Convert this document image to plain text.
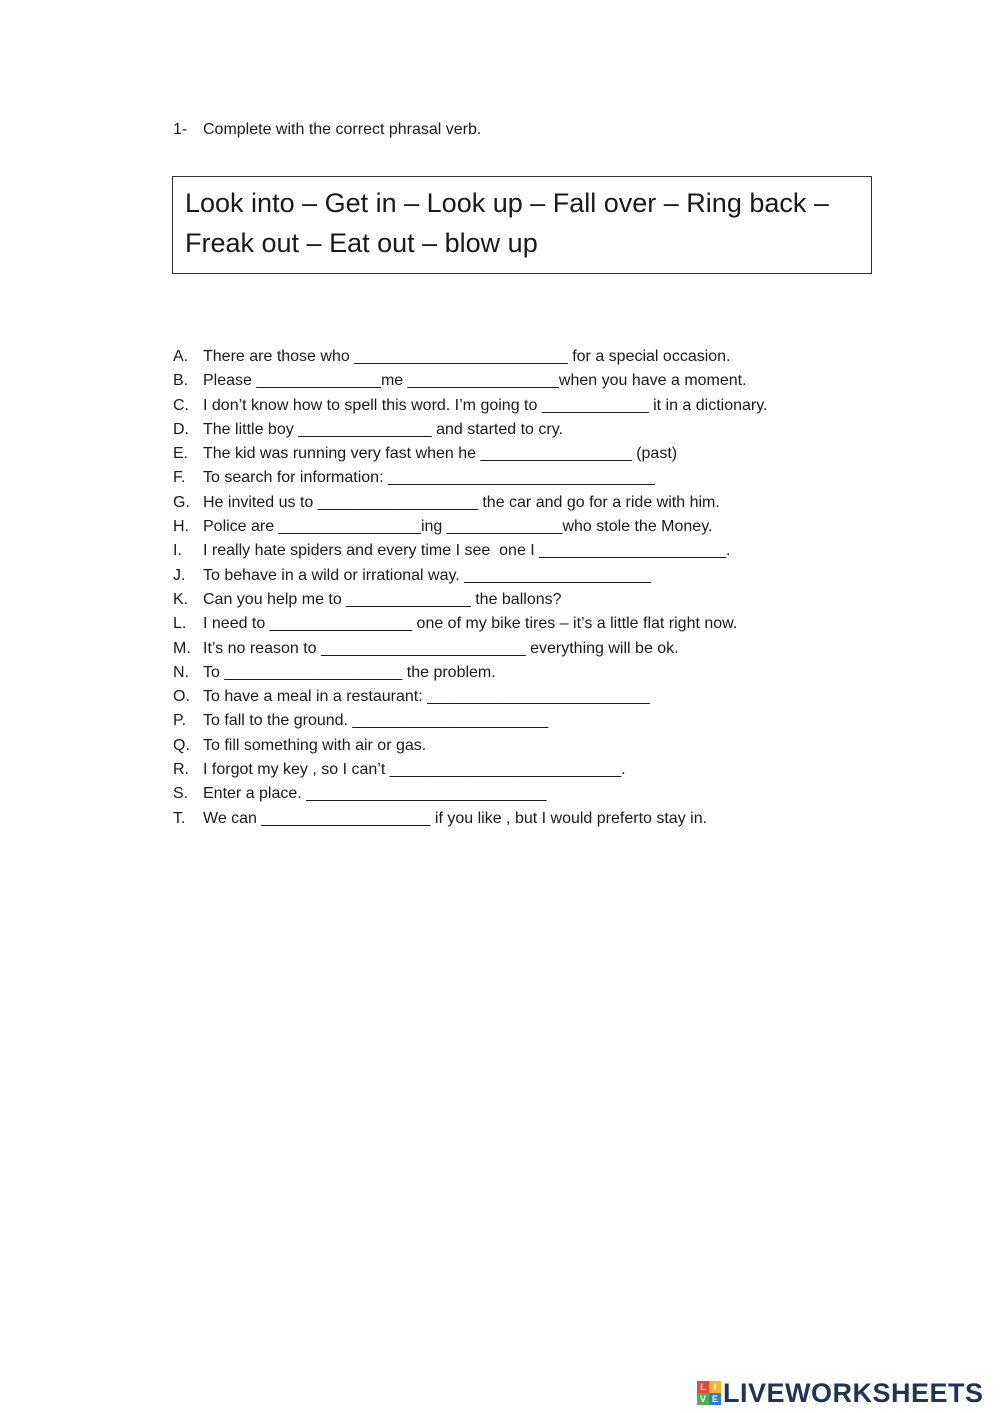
1- Complete with the correct phrasal verb.
Look into – Get in – Look up – Fall over – Ring back –
Freak out – Eat out – blow up
A. There are those who ________________________ for a special occasion.
B. Please ______________me _________________when you have a moment.
C. I don’t know how to spell this word. I’m going to ____________ it in a dictionary.
D. The little boy _______________ and started to cry.
E. The kid was running very fast when he _________________ (past)
F. To search for information: ______________________________
G. He invited us to __________________ the car and go for a ride with him.
H. Police are ________________ing _____________who stole the Money.
I. I really hate spiders and every time I see  one I _____________________.
J. To behave in a wild or irrational way. _____________________
K. Can you help me to ______________ the ballons?
L. I need to ________________ one of my bike tires – it’s a little flat right now.
M. It’s no reason to _______________________ everything will be ok.
N. To ____________________ the problem.
O. To have a meal in a restaurant: _________________________
P. To fall to the ground. ______________________
Q. To fill something with air or gas.
R. I forgot my key , so I can’t __________________________.
S. Enter a place. ___________________________
T. We can ___________________ if you like , but I would preferto stay in.
L I
V E LIVEWORKSHEETS
